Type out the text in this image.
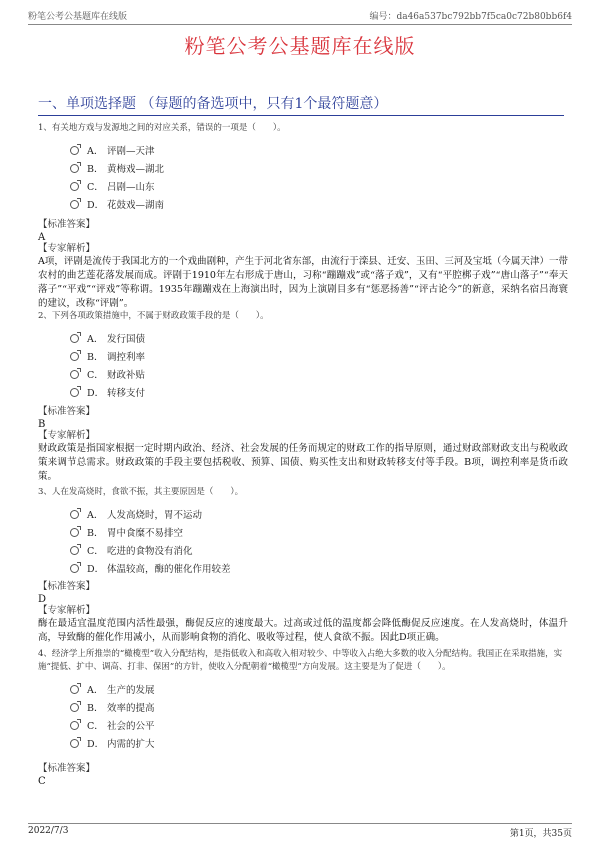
粉笔公考公基题库在线版	编号：da46a537bc792bb7f5ca0c72b80bb6f4
粉笔公考公基题库在线版
一、单项选择题 （每题的备选项中，只有1个最符题意）
1、有关地方戏与发源地之间的对应关系，错误的一项是（　　）。
A． 评剧—天津
B． 黄梅戏—湖北
C． 吕剧—山东
D． 花鼓戏—湖南
【标准答案】
A
【专家解析】
A项，评剧是流传于我国北方的一个戏曲剧种，产生于河北省东部，由流行于滦县、迁安、玉田、三河及宝坻（今属天津）一带农村的曲艺莲花落发展而成。评剧于1910年左右形成于唐山，习称“蹦蹦戏”或“落子戏”，又有“平腔梆子戏”“唐山落子”“奉天落子”“平戏”“评戏”等称谓。1935年蹦蹦戏在上海演出时，因为上演剧目多有“惩恶扬善”“评古论今”的新意，采纳名宿吕海寰的建议，改称“评剧”。
2、下列各项政策措施中，不属于财政政策手段的是（　　）。
A． 发行国债
B． 调控利率
C． 财政补贴
D． 转移支付
【标准答案】
B
【专家解析】
财政政策是指国家根据一定时期内政治、经济、社会发展的任务而规定的财政工作的指导原则，通过财政部财政支出与税收政策来调节总需求。财政政策的手段主要包括税收、预算、国债、购买性支出和财政转移支付等手段。B项，调控利率是货币政策。
3、人在发高烧时，食欲不振，其主要原因是（　　）。
A． 人发高烧时，胃不运动
B． 胃中食糜不易排空
C． 吃进的食物没有消化
D． 体温较高，酶的催化作用较差
【标准答案】
D
【专家解析】
酶在最适宜温度范围内活性最强，酶促反应的速度最大。过高或过低的温度都会降低酶促反应速度。在人发高烧时，体温升高，导致酶的催化作用减小，从而影响食物的消化、吸收等过程，使人食欲不振。因此D项正确。
4、经济学上所推崇的“橄榄型”收入分配结构，是指低收入和高收入相对较少、中等收入占绝大多数的收入分配结构。我国正在采取措施，实施“提低、扩中、调高、打非、保困”的方针，使收入分配朝着“橄榄型”方向发展。这主要是为了促进（　　）。
A． 生产的发展
B． 效率的提高
C． 社会的公平
D． 内需的扩大
【标准答案】
C
2022/7/3	第1页，共35页
